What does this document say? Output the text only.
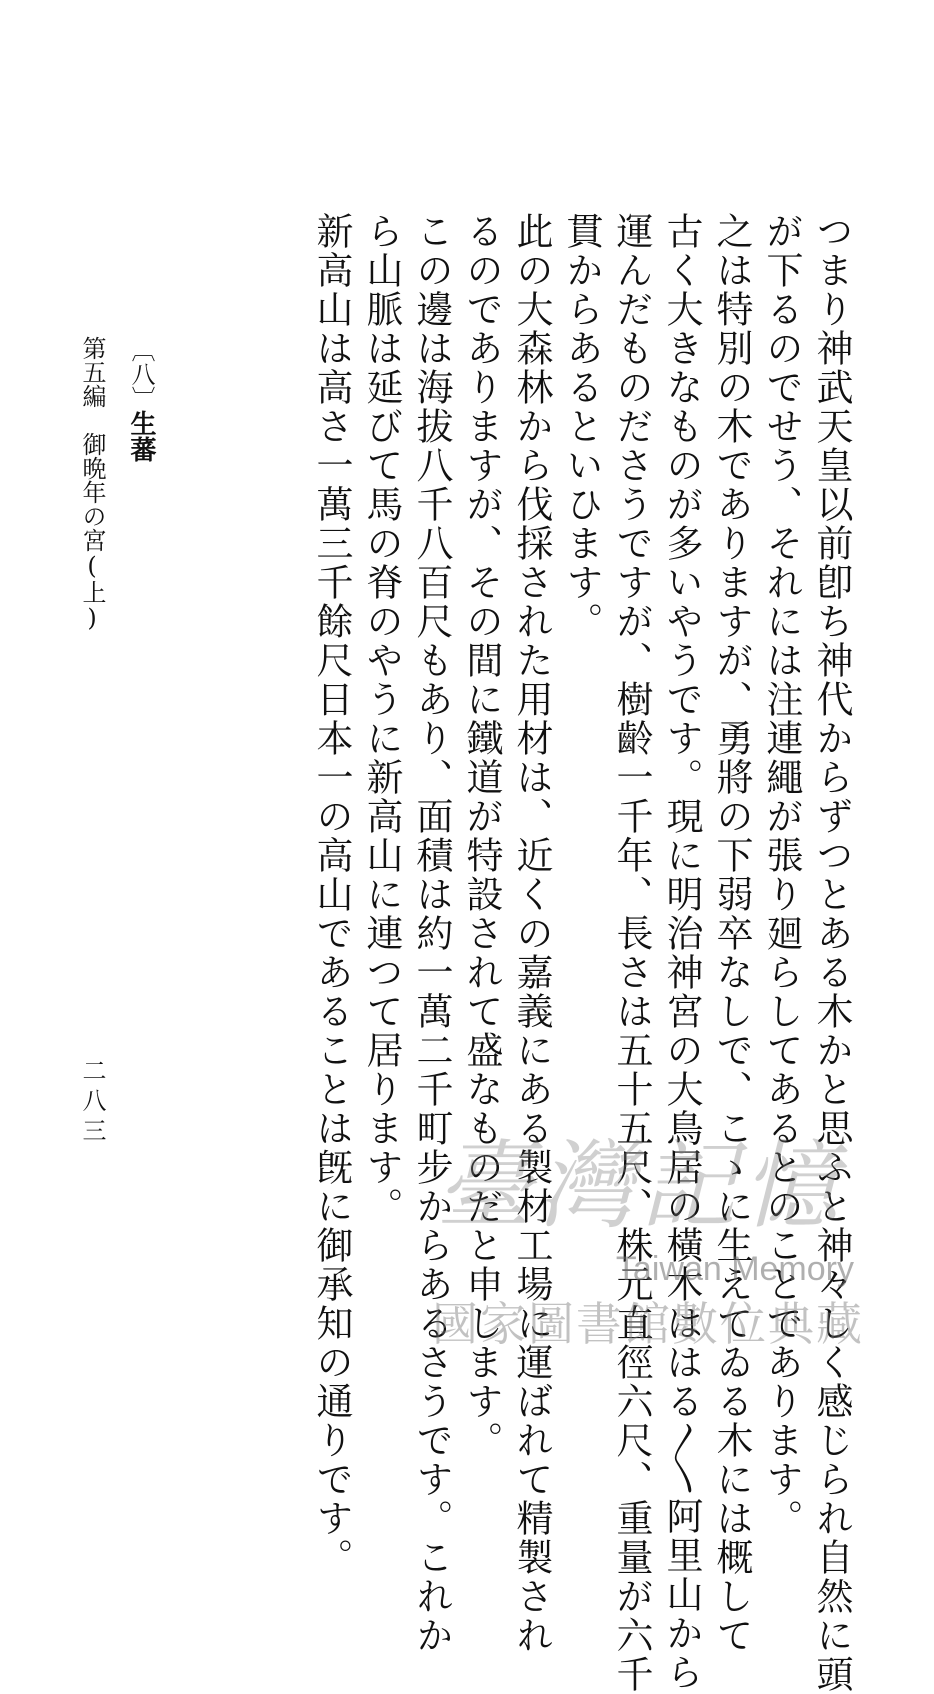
つまり神武天皇以前卽ち神代からずつとある木かと思ふと神々しく感じられ自然に頭
が下るのでせう、それには注連繩が張り廻らしてあるとのことであります。
之は特別の木でありますが、勇將の下弱卒なしで、こゝに生えてゐる木には概して
古く大きなものが多いやうです。現に明治神宮の大鳥居の橫木ははる〳〵阿里山から
運んだものださうですが、樹齡一千年、長さは五十五尺、株元直徑六尺、重量が六千
貫からあるといひます。
此の大森林から伐採された用材は、近くの嘉義にある製材工場に運ばれて精製され
るのでありますが、その間に鐵道が特設されて盛なものだと申します。
この邊は海拔八千八百尺もあり、面積は約一萬二千町步からあるさうです。これか
ら山脈は延びて馬の脊のやうに新高山に連つて居ります。
新高山は高さ一萬三千餘尺日本一の高山であることは旣に御承知の通りです。
〔八〕生蕃
第五編　御晩年の宮(上)
二八三
臺灣記憶
Taiwan Memory
國家圖書館數位典藏
